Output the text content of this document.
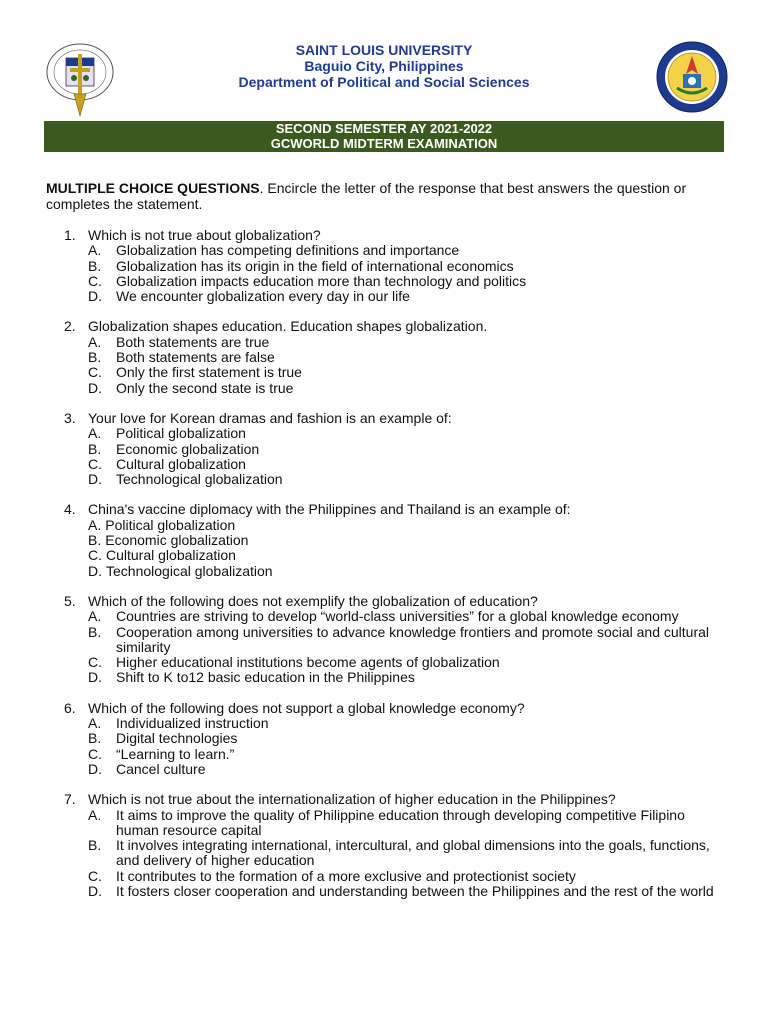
SAINT LOUIS UNIVERSITY
Baguio City, Philippines
Department of Political and Social Sciences
SECOND SEMESTER AY 2021-2022
GCWORLD MIDTERM EXAMINATION
MULTIPLE CHOICE QUESTIONS. Encircle the letter of the response that best answers the question or completes the statement.
1. Which is not true about globalization?
A.	Globalization has competing definitions and importance
B.	Globalization has its origin in the field of international economics
C.	Globalization impacts education more than technology and politics
D.	We encounter globalization every day in our life
2. Globalization shapes education. Education shapes globalization.
A.	Both statements are true
B.	Both statements are false
C.	Only the first statement is true
D.	Only the second state is true
3. Your love for Korean dramas and fashion is an example of:
A.	Political globalization
B.	Economic globalization
C.	Cultural globalization
D.	Technological globalization
4. China's vaccine diplomacy with the Philippines and Thailand is an example of:
A. Political globalization
B. Economic globalization
C. Cultural globalization
D. Technological globalization
5. Which of the following does not exemplify the globalization of education?
A.	Countries are striving to develop “world-class universities” for a global knowledge economy
B.	Cooperation among universities to advance knowledge frontiers and promote social and cultural similarity
C.	Higher educational institutions become agents of globalization
D.	Shift to K to12 basic education in the Philippines
6. Which of the following does not support a global knowledge economy?
A.	Individualized instruction
B.	Digital technologies
C.	“Learning to learn.”
D.	Cancel culture
7. Which is not true about the internationalization of higher education in the Philippines?
A.	It aims to improve the quality of Philippine education through developing competitive Filipino human resource capital
B.	It involves integrating international, intercultural, and global dimensions into the goals, functions, and delivery of higher education
C.	It contributes to the formation of a more exclusive and protectionist society
D.	It fosters closer cooperation and understanding between the Philippines and the rest of the world
